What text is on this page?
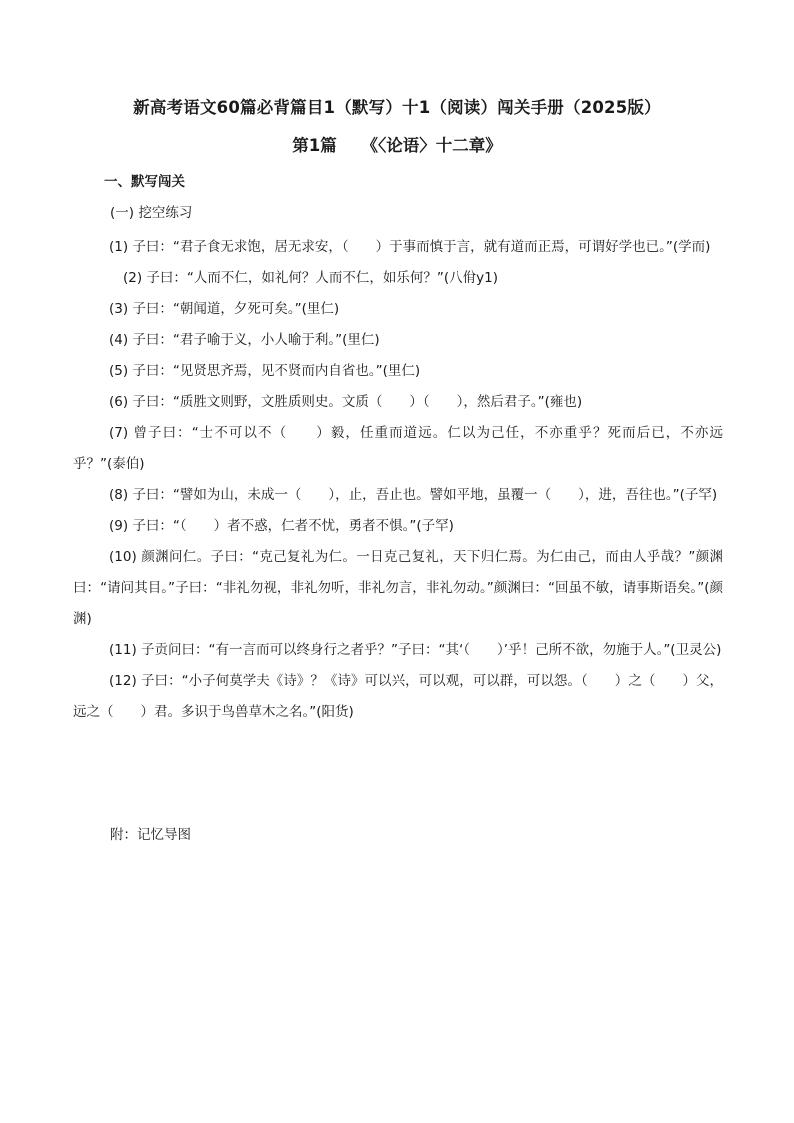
新高考语文60篇必背篇目1（默写）十1（阅读）闯关手册（2025版）
第1篇　　《〈论语〉十二章》
一、默写闯关
(一) 挖空练习
(1) 子曰：“君子食无求饱，居无求安，（　　）于事而慎于言，就有道而正焉，可谓好学也已。”(学而)
(2) 子曰：“人而不仁，如礼何？人而不仁，如乐何？”(八佾y1)
(3) 子曰：“朝闻道，夕死可矣。”(里仁)
(4) 子曰：“君子喻于义，小人喻于利。”(里仁)
(5) 子曰：“见贤思齐焉，见不贤而内自省也。”(里仁)
(6) 子曰：“质胜文则野，文胜质则史。文质（　　）（　　），然后君子。”(雍也)
(7) 曾子曰：“士不可以不（　　）毅，任重而道远。仁以为己任，不亦重乎？死而后已，不亦远乎？”(泰伯)
(8) 子曰：“譬如为山，未成一（　　），止，吾止也。譬如平地，虽覆一（　　），进，吾往也。”(子罕)
(9) 子曰：“（　　）者不惑，仁者不忧，勇者不惧。”(子罕)
(10) 颜渊问仁。子曰：“克己复礼为仁。一日克己复礼，天下归仁焉。为仁由己，而由人乎哉？”颜渊曰：“请问其目。”子曰：“非礼勿视，非礼勿听，非礼勿言，非礼勿动。”颜渊曰：“回虽不敏，请事斯语矣。”(颜渊)
(11) 子贡问曰：“有一言而可以终身行之者乎？”子曰：“其‘（　　）’乎！己所不欲，勿施于人。”(卫灵公)
(12) 子曰：“小子何莫学夫《诗》？《诗》可以兴，可以观，可以群，可以怨。（　　）之（　　）父，远之（　　）君。多识于鸟兽草木之名。”(阳货)
附：记忆导图
